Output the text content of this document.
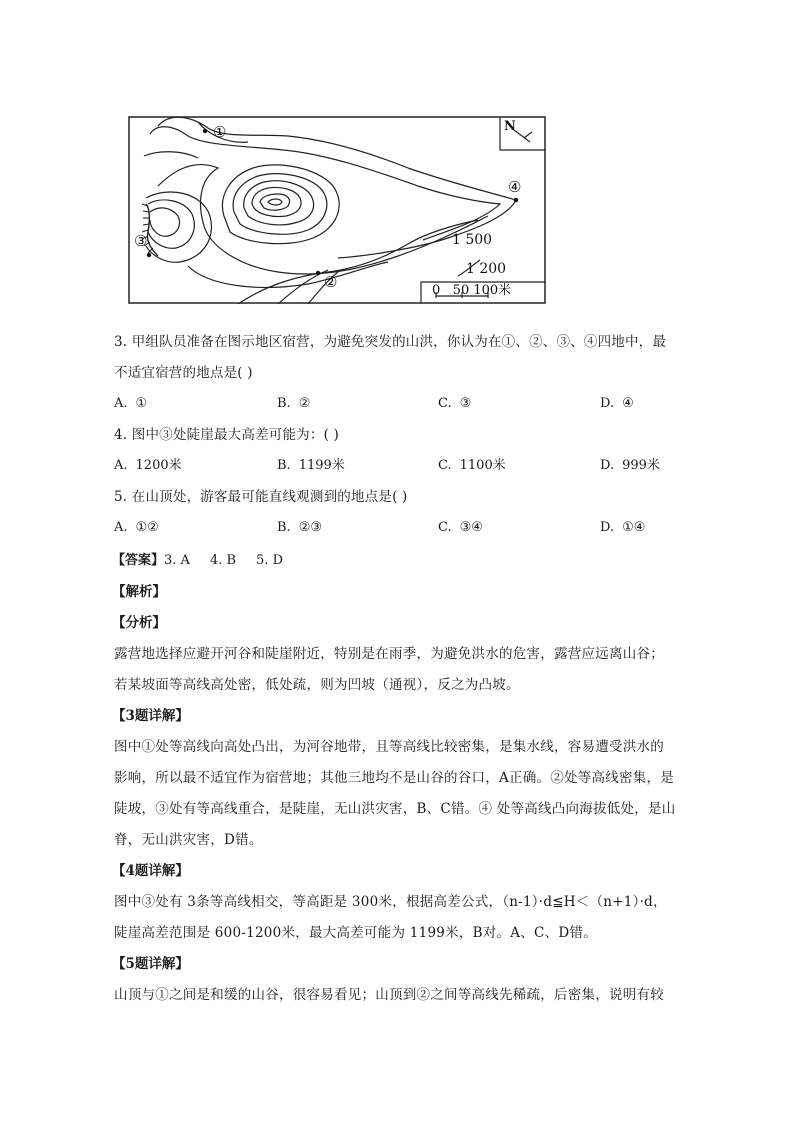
①
②
③
④
N
1 500
1 200
0   50 100米
3. 甲组队员准备在图示地区宿营，为避免突发的山洪，你认为在①、②、③、④四地中，最
不适宜宿营的地点是( )
A. ①	B. ②	C. ③	D. ④
4. 图中③处陡崖最大高差可能为：( )
A. 1200米	B. 1199米	C. 1100米	D. 999米
5. 在山顶处，游客最可能直线观测到的地点是( )
A. ①②	B. ②③	C. ③④	D. ①④
【答案】3. A 4. B 5. D
【解析】
【分析】
露营地选择应避开河谷和陡崖附近，特别是在雨季，为避免洪水的危害，露营应远离山谷；
若某坡面等高线高处密，低处疏，则为凹坡（通视），反之为凸坡。
【3题详解】
图中①处等高线向高处凸出，为河谷地带，且等高线比较密集，是集水线，容易遭受洪水的
影响，所以最不适宜作为宿营地；其他三地均不是山谷的谷口，A正确。②处等高线密集，是
陡坡，③处有等高线重合，是陡崖，无山洪灾害，B、C错。④ 处等高线凸向海拔低处，是山
脊，无山洪灾害，D错。
【4题详解】
图中③处有 3条等高线相交，等高距是 300米，根据高差公式，（n-1）·d≦H＜（n+1）·d，
陡崖高差范围是 600-1200米，最大高差可能为 1199米，B对。A、C、D错。
【5题详解】
山顶与①之间是和缓的山谷，很容易看见；山顶到②之间等高线先稀疏，后密集，说明有较
